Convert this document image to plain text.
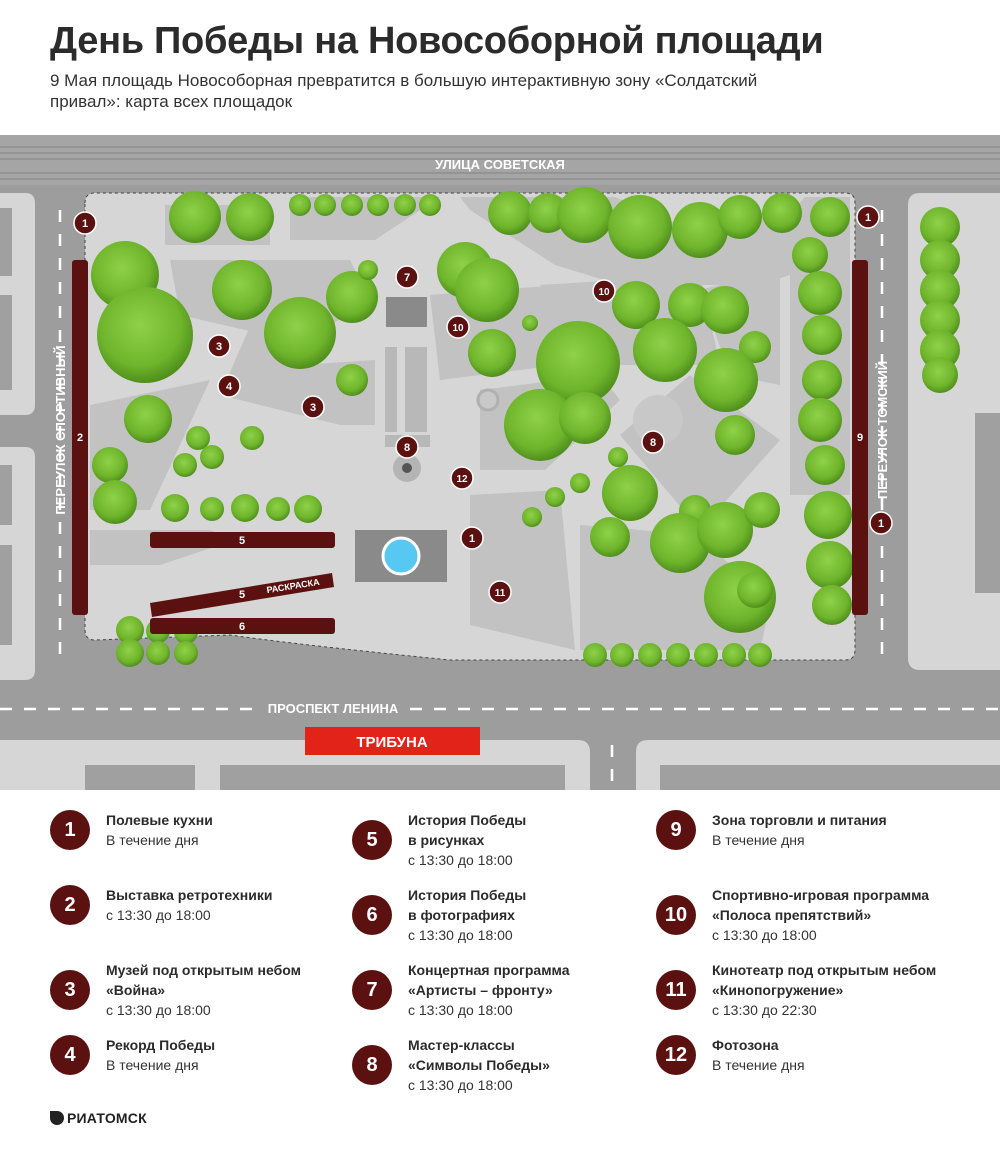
День Победы на Новособорной площади
9 Мая площадь Новособорная превратится в большую интерактивную зону «Солдатский привал»: карта всех площадок
УЛИЦА СОВЕТСКАЯ
2	9
5
5
6
РАСКРАСКА
ПЕРЕУЛОК СПОРТИВНЫЙ	ПЕРЕУЛОК ТОМСКИЙ
ПРОСПЕКТ ЛЕНИНА
ТРИБУНА
1	1
1
1
3
3
4
7
8	8
10
10
11
12
1	Полевые кухни
В течение дня
2	Выставка ретротехники
с 13:30 до 18:00
3
Музей под открытым небом
«Война»
с 13:30 до 18:00
4	Рекорд Победы
В течение дня
5
История Победы
в рисунках
с 13:30 до 18:00
6
История Победы
в фотографиях
с 13:30 до 18:00
7
Концертная программа
«Артисты – фронту»
с 13:30 до 18:00
8
Мастер-классы
«Символы Победы»
с 13:30 до 18:00
9	Зона торговли и питания
В течение дня
10
Спортивно-игровая программа
«Полоса препятствий»
с 13:30 до 18:00
11
Кинотеатр под открытым небом
«Кинопогружение»
с 13:30 до 22:30
12	Фотозона
В течение дня
РИАТОМСК
